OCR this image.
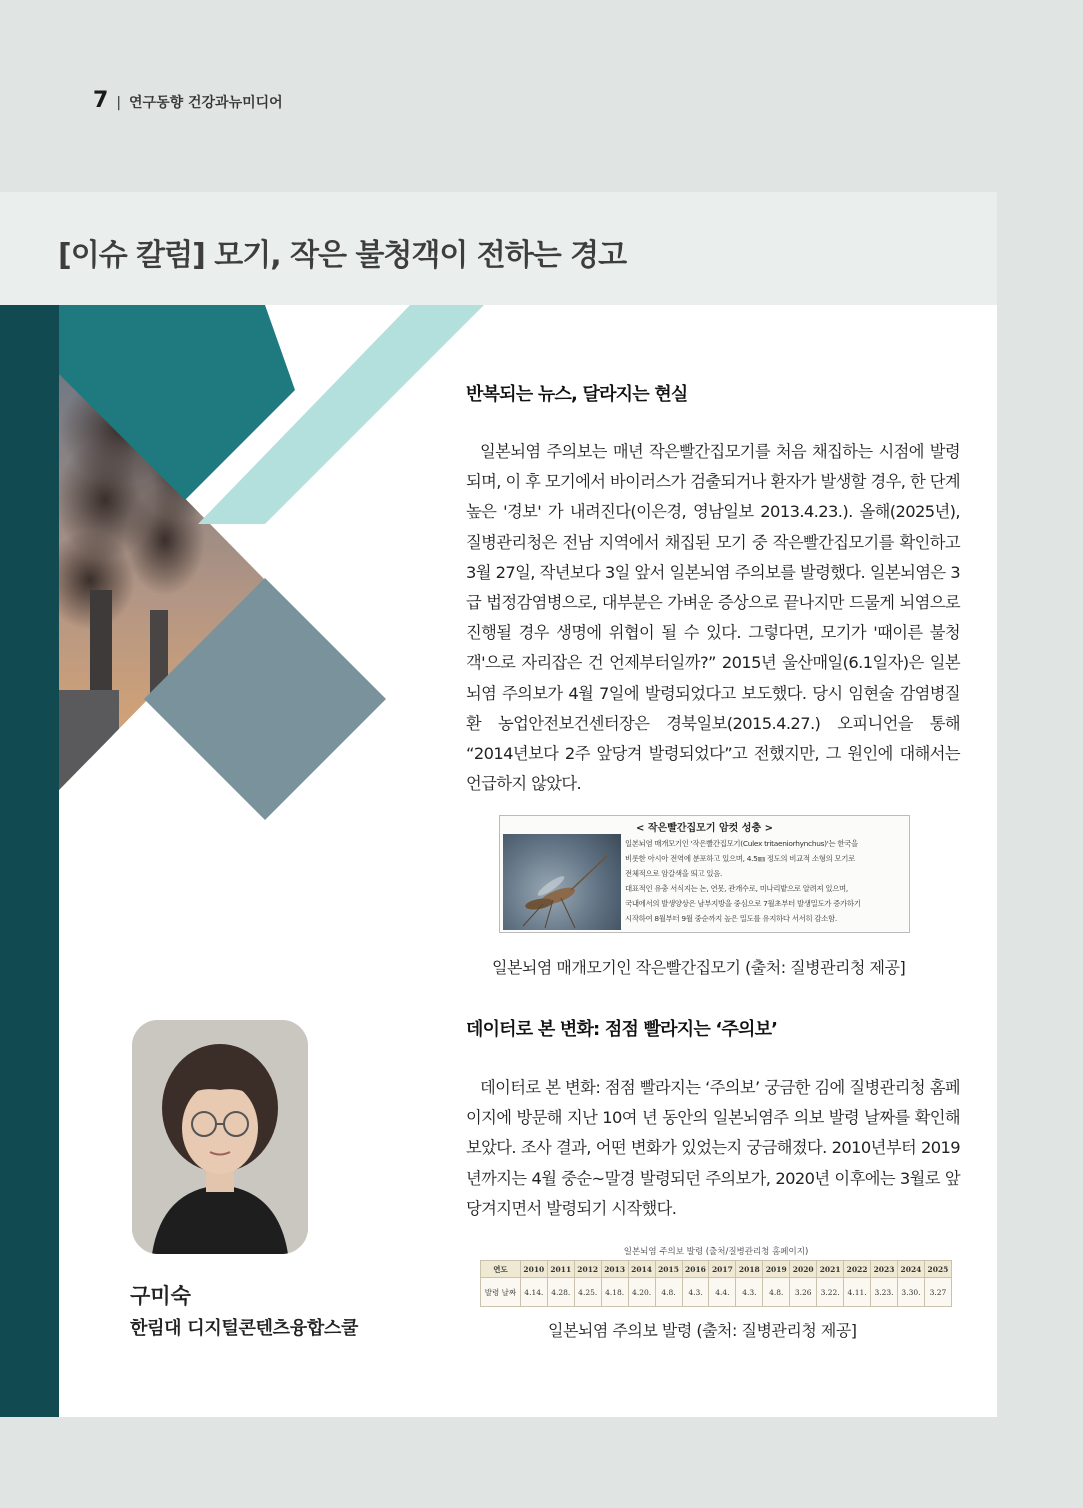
7 | 연구동향 건강과뉴미디어
[이슈 칼럼] 모기, 작은 불청객이 전하는 경고
구미숙
한림대 디지털콘텐츠융합스쿨
반복되는 뉴스, 달라지는 현실

일본뇌염 주의보는 매년 작은빨간집모기를 처음 채집하는 시점에 발령되며, 이 후 모기에서 바이러스가 검출되거나 환자가 발생할 경우, 한 단계 높은 '경보' 가 내려진다(이은경, 영남일보 2013.4.23.). 올해(2025년), 질병관리청은 전남 지역에서 채집된 모기 중 작은빨간집모기를 확인하고 3월 27일, 작년보다 3일 앞서 일본뇌염 주의보를 발령했다. 일본뇌염은 3급 법정감염병으로, 대부분은 가벼운 증상으로 끝나지만 드물게 뇌염으로 진행될 경우 생명에 위협이 될 수 있다. 그렇다면, 모기가 '때이른 불청객'으로 자리잡은 건 언제부터일까?” 2015년 울산매일(6.1일자)은 일본뇌염 주의보가 4월 7일에 발령되었다고 보도했다. 당시 임현술 감염병질환 농업안전보건센터장은 경북일보(2015.4.27.) 오피니언을 통해 “2014년보다 2주 앞당겨 발령되었다”고 전했지만, 그 원인에 대해서는 언급하지 않았다.

< 작은빨간집모기 암컷 성충 >
일본뇌염 매개모기인 '작은빨간집모기(Culex tritaeniorhynchus)'는 한국을
비롯한 아시아 전역에 분포하고 있으며, 4.5㎜ 정도의 비교적 소형의 모기로
전체적으로 암갈색을 띄고 있음.
대표적인 유충 서식지는 논, 연못, 관개수로, 미나리밭으로 알려져 있으며,
국내에서의 발생양상은 남부지방을 중심으로 7월초부터 발생밀도가 증가하기
시작하여 8월부터 9월 중순까지 높은 밀도를 유지하다 서서히 감소함.
일본뇌염 매개모기인 작은빨간집모기 (출처: 질병관리청 제공]
데이터로 본 변화: 점점 빨라지는 ‘주의보’

데이터로 본 변화: 점점 빨라지는 ‘주의보’ 궁금한 김에 질병관리청 홈페이지에 방문해 지난 10여 년 동안의 일본뇌염주 의보 발령 날짜를 확인해보았다. 조사 결과, 어떤 변화가 있었는지 궁금해졌다. 2010년부터 2019년까지는 4월 중순~말경 발령되던 주의보가, 2020년 이후에는 3월로 앞당겨지면서 발령되기 시작했다.

일본뇌염 주의보 발령 (출처/질병관리청 홈페이지)
연도	2010	2011	2012	2013	2014	2015	2016	2017	2018	2019	2020	2021	2022	2023	2024	2025
발령 날짜	4.14.	4.28.	4.25.	4.18.	4.20.	4.8.	4.3.	4.4.	4.3.	4.8.	3.26	3.22.	4.11.	3.23.	3.30.	3.27
일본뇌염 주의보 발령 (출처: 질병관리청 제공]
